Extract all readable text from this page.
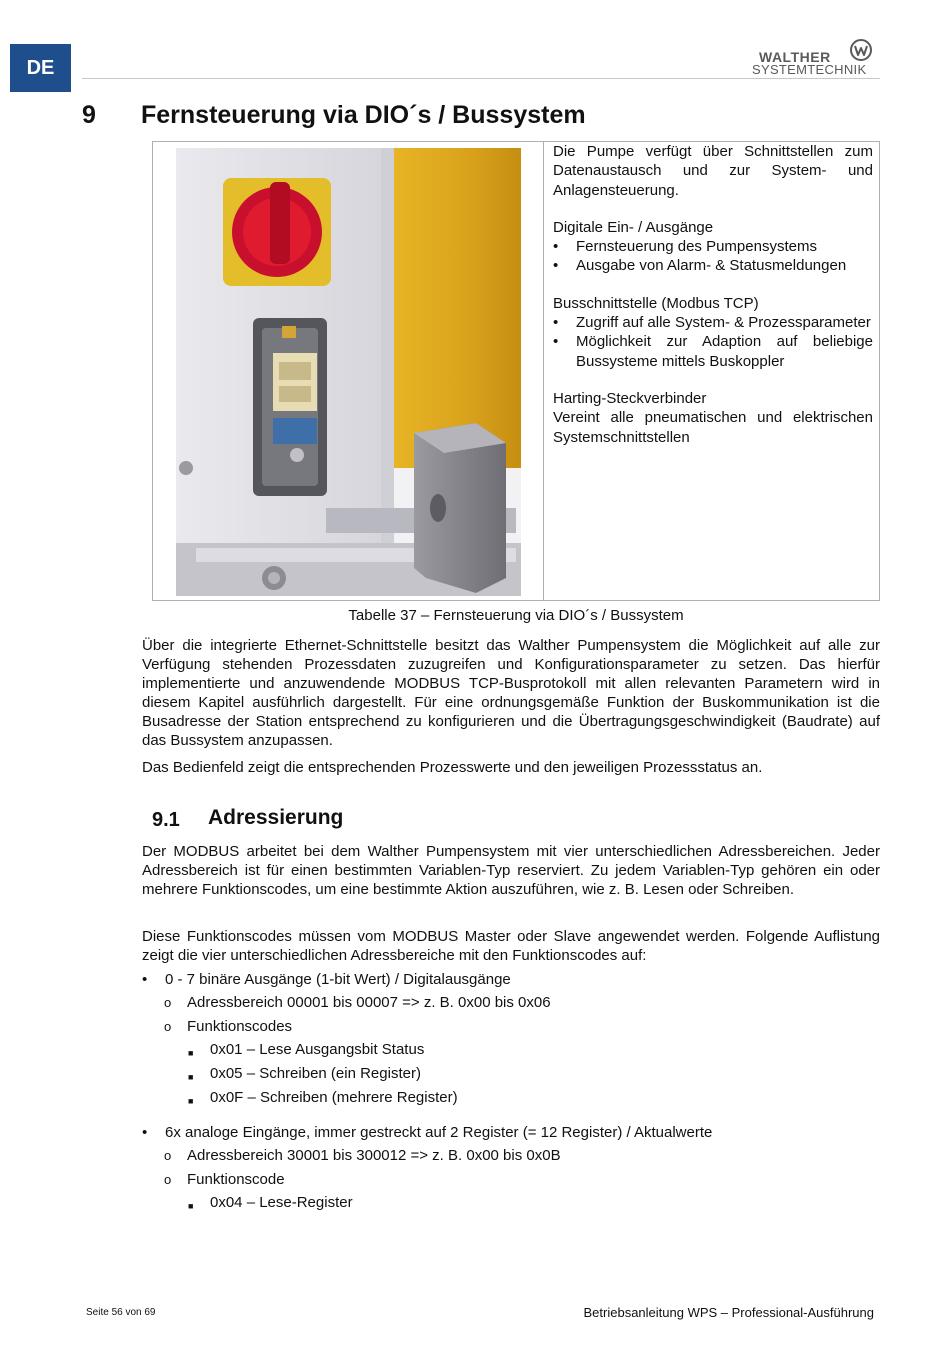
DE	WALTHER
SYSTEMTECHNIK
9 Fernsteuerung via DIO´s / Bussystem

Die Pumpe verfügt über Schnittstellen zum Datenaustausch und zur System- und Anlagensteuerung.

Digitale Ein- / Ausgänge

• Fernsteuerung des Pumpensystems
• Ausgabe von Alarm- & Statusmeldungen

Busschnittstelle (Modbus TCP)

• Zugriff auf alle System- & Prozessparameter
• Möglichkeit zur Adaption auf beliebige Bussysteme mittels Buskoppler

Harting-Steckverbinder

Vereint alle pneumatischen und elektrischen Systemschnittstellen

Tabelle 37 – Fernsteuerung via DIO´s / Bussystem

Über die integrierte Ethernet-Schnittstelle besitzt das Walther Pumpensystem die Möglichkeit auf alle zur Verfügung stehenden Prozessdaten zuzugreifen und Konfigurationsparameter zu setzen. Das hierfür implementierte und anzuwendende MODBUS TCP-Busprotokoll mit allen relevanten Parametern wird in diesem Kapitel ausführlich dargestellt. Für eine ordnungsgemäße Funktion der Buskommunikation ist die Busadresse der Station entsprechend zu konfigurieren und die Übertragungsgeschwindigkeit (Baudrate) auf das Bussystem anzupassen.

Das Bedienfeld zeigt die entsprechenden Prozesswerte und den jeweiligen Prozessstatus an.

9.1 Adressierung

Der MODBUS arbeitet bei dem Walther Pumpensystem mit vier unterschiedlichen Adressbereichen. Jeder Adressbereich ist für einen bestimmten Variablen-Typ reserviert. Zu jedem Variablen-Typ gehören ein oder mehrere Funktionscodes, um eine bestimmte Aktion auszuführen, wie z. B. Lesen oder Schreiben.

Diese Funktionscodes müssen vom MODBUS Master oder Slave angewendet werden. Folgende Auflistung zeigt die vier unterschiedlichen Adressbereiche mit den Funktionscodes auf:

• 0 - 7 binäre Ausgänge (1-bit Wert) / Digitalausgänge
o Adressbereich 00001 bis 00007 => z. B. 0x00 bis 0x06
o Funktionscodes
■ 0x01 – Lese Ausgangsbit Status
■ 0x05 – Schreiben (ein Register)
■ 0x0F – Schreiben (mehrere Register)
• 6x analoge Eingänge, immer gestreckt auf 2 Register (= 12 Register) / Aktualwerte
o Adressbereich 30001 bis 300012 => z. B. 0x00 bis 0x0B
o Funktionscode
■ 0x04 – Lese-Register
Seite 56 von 69	Betriebsanleitung WPS – Professional-Ausführung
